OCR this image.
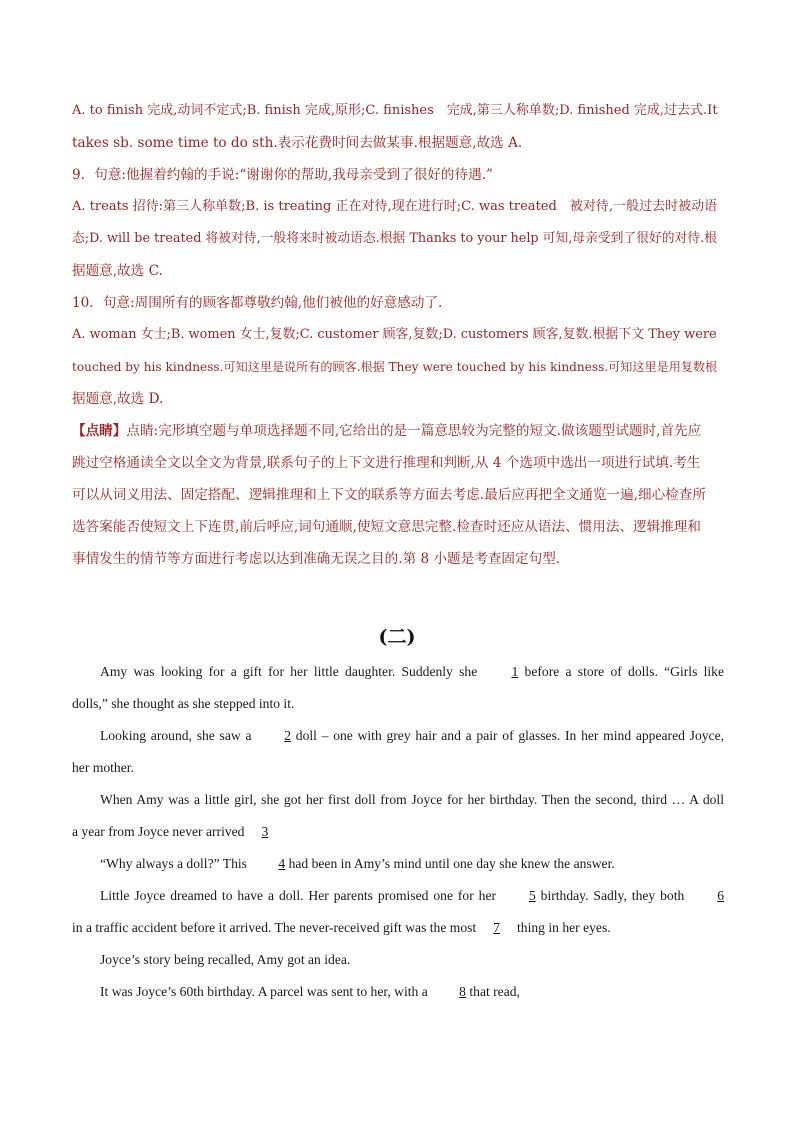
A. to finish 完成,动词不定式;B. finish 完成,原形;C. finishes　完成,第三人称单数;D. finished 完成,过去式.It
takes sb. some time to do sth.表示花费时间去做某事.根据题意,故选 A.
9．句意:他握着约翰的手说:“谢谢你的帮助,我母亲受到了很好的待遇.”
A. treats 招待:第三人称单数;B. is treating 正在对待,现在进行时;C. was treated　被对待,一般过去时被动语
态;D. will be treated 将被对待,一般将来时被动语态.根据 Thanks to your help 可知,母亲受到了很好的对待.根
据题意,故选 C.
10．句意:周围所有的顾客都尊敬约翰,他们被他的好意感动了.
A. woman 女士;B. women 女士,复数;C. customer 顾客,复数;D. customers 顾客,复数.根据下文 They were
touched by his kindness.可知这里是说所有的顾客.根据 They were touched by his kindness.可知这里是用复数根
据题意,故选 D.
【点睛】点睛:完形填空题与单项选择题不同,它给出的是一篇意思较为完整的短文.做该题型试题时,首先应
跳过空格通读全文以全文为背景,联系句子的上下文进行推理和判断,从 4 个选项中选出一项进行试填.考生
可以从词义用法、固定搭配、逻辑推理和上下文的联系等方面去考虑.最后应再把全文通览一遍,细心检查所
选答案能否使短文上下连贯,前后呼应,词句通顺,使短文意思完整.检查时还应从语法、惯用法、逻辑推理和
事情发生的情节等方面进行考虑以达到准确无误之目的.第 8 小题是考查固定句型.
(二)

Amy was looking for a gift for her little daughter. Suddenly she 1 before a store of dolls. “Girls like

dolls,” she thought as she stepped into it.

Looking around, she saw a 2 doll – one with grey hair and a pair of glasses. In her mind appeared Joyce,

her mother.

When Amy was a little girl, she got her first doll from Joyce for her birthday. Then the second, third … A doll

a year from Joyce never arrived 3

“Why always a doll?” This 4 had been in Amy’s mind until one day she knew the answer.

Little Joyce dreamed to have a doll. Her parents promised one for her 5 birthday. Sadly, they both 6

in a traffic accident before it arrived. The never-received gift was the most 7 thing in her eyes.

Joyce’s story being recalled, Amy got an idea.

It was Joyce’s 60th birthday. A parcel was sent to her, with a 8 that read,
